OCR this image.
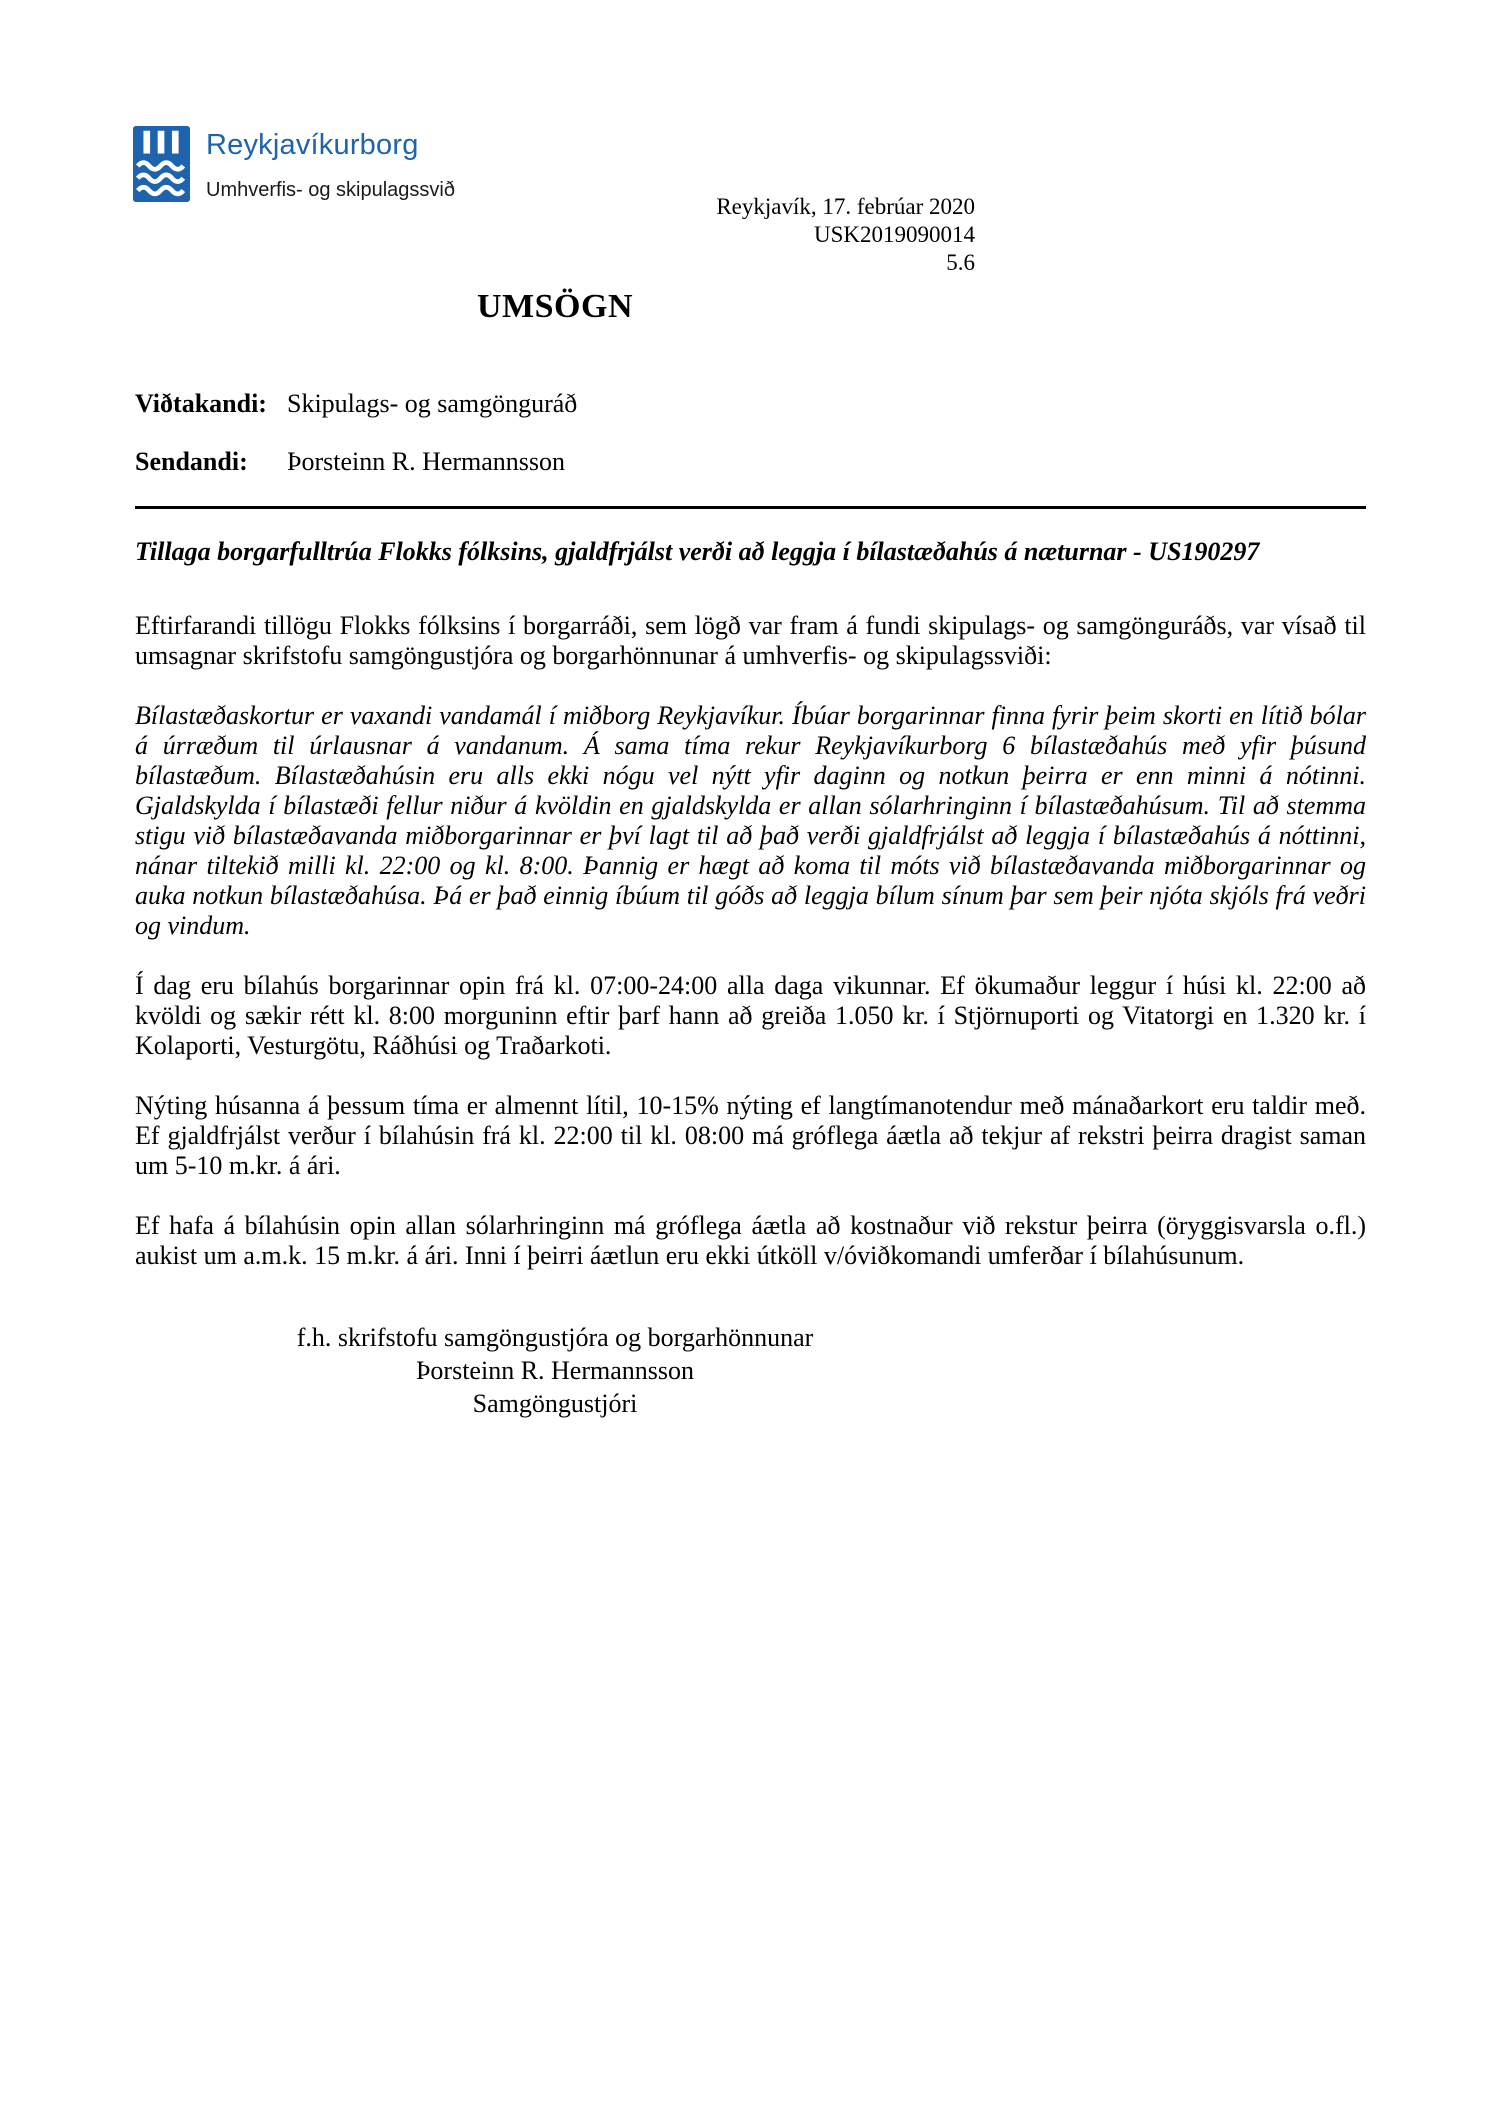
Reykjavíkurborg
Umhverfis- og skipulagssvið
Reykjavík, 17. febrúar 2020
USK2019090014
5.6
UMSÖGN
Viðtakandi: Skipulags- og samgönguráð
Sendandi:	Þorsteinn R. Hermannsson
Tillaga borgarfulltrúa Flokks fólksins, gjaldfrjálst verði að leggja í bílastæðahús á næturnar - US190297

Eftirfarandi tillögu Flokks fólksins í borgarráði, sem lögð var fram á fundi skipulags- og samgönguráðs, var vísað til umsagnar skrifstofu samgöngustjóra og borgarhönnunar á umhverfis- og skipulagssviði:

Bílastæðaskortur er vaxandi vandamál í miðborg Reykjavíkur. Íbúar borgarinnar finna fyrir þeim skorti en lítið bólar á úrræðum til úrlausnar á vandanum. Á sama tíma rekur Reykjavíkurborg 6 bílastæðahús með yfir þúsund bílastæðum. Bílastæðahúsin eru alls ekki nógu vel nýtt yfir daginn og notkun þeirra er enn minni á nótinni. Gjaldskylda í bílastæði fellur niður á kvöldin en gjaldskylda er allan sólarhringinn í bílastæðahúsum. Til að stemma stigu við bílastæðavanda miðborgarinnar er því lagt til að það verði gjaldfrjálst að leggja í bílastæðahús á nóttinni, nánar tiltekið milli kl. 22:00 og kl. 8:00. Þannig er hægt að koma til móts við bílastæðavanda miðborgarinnar og auka notkun bílastæðahúsa. Þá er það einnig íbúum til góðs að leggja bílum sínum þar sem þeir njóta skjóls frá veðri og vindum.

Í dag eru bílahús borgarinnar opin frá kl. 07:00-24:00 alla daga vikunnar. Ef ökumaður leggur í húsi kl. 22:00 að kvöldi og sækir rétt kl. 8:00 morguninn eftir þarf hann að greiða 1.050 kr. í Stjörnuporti og Vitatorgi en 1.320 kr. í Kolaporti, Vesturgötu, Ráðhúsi og Traðarkoti.

Nýting húsanna á þessum tíma er almennt lítil, 10-15% nýting ef langtímanotendur með mánaðarkort eru taldir með. Ef gjaldfrjálst verður í bílahúsin frá kl. 22:00 til kl. 08:00 má gróflega áætla að tekjur af rekstri þeirra dragist saman um 5-10 m.kr. á ári.

Ef hafa á bílahúsin opin allan sólarhringinn má gróflega áætla að kostnaður við rekstur þeirra (öryggisvarsla o.fl.) aukist um a.m.k. 15 m.kr. á ári. Inni í þeirri áætlun eru ekki útköll v/óviðkomandi umferðar í bílahúsunum.

f.h. skrifstofu samgöngustjóra og borgarhönnunar
Þorsteinn R. Hermannsson
Samgöngustjóri
